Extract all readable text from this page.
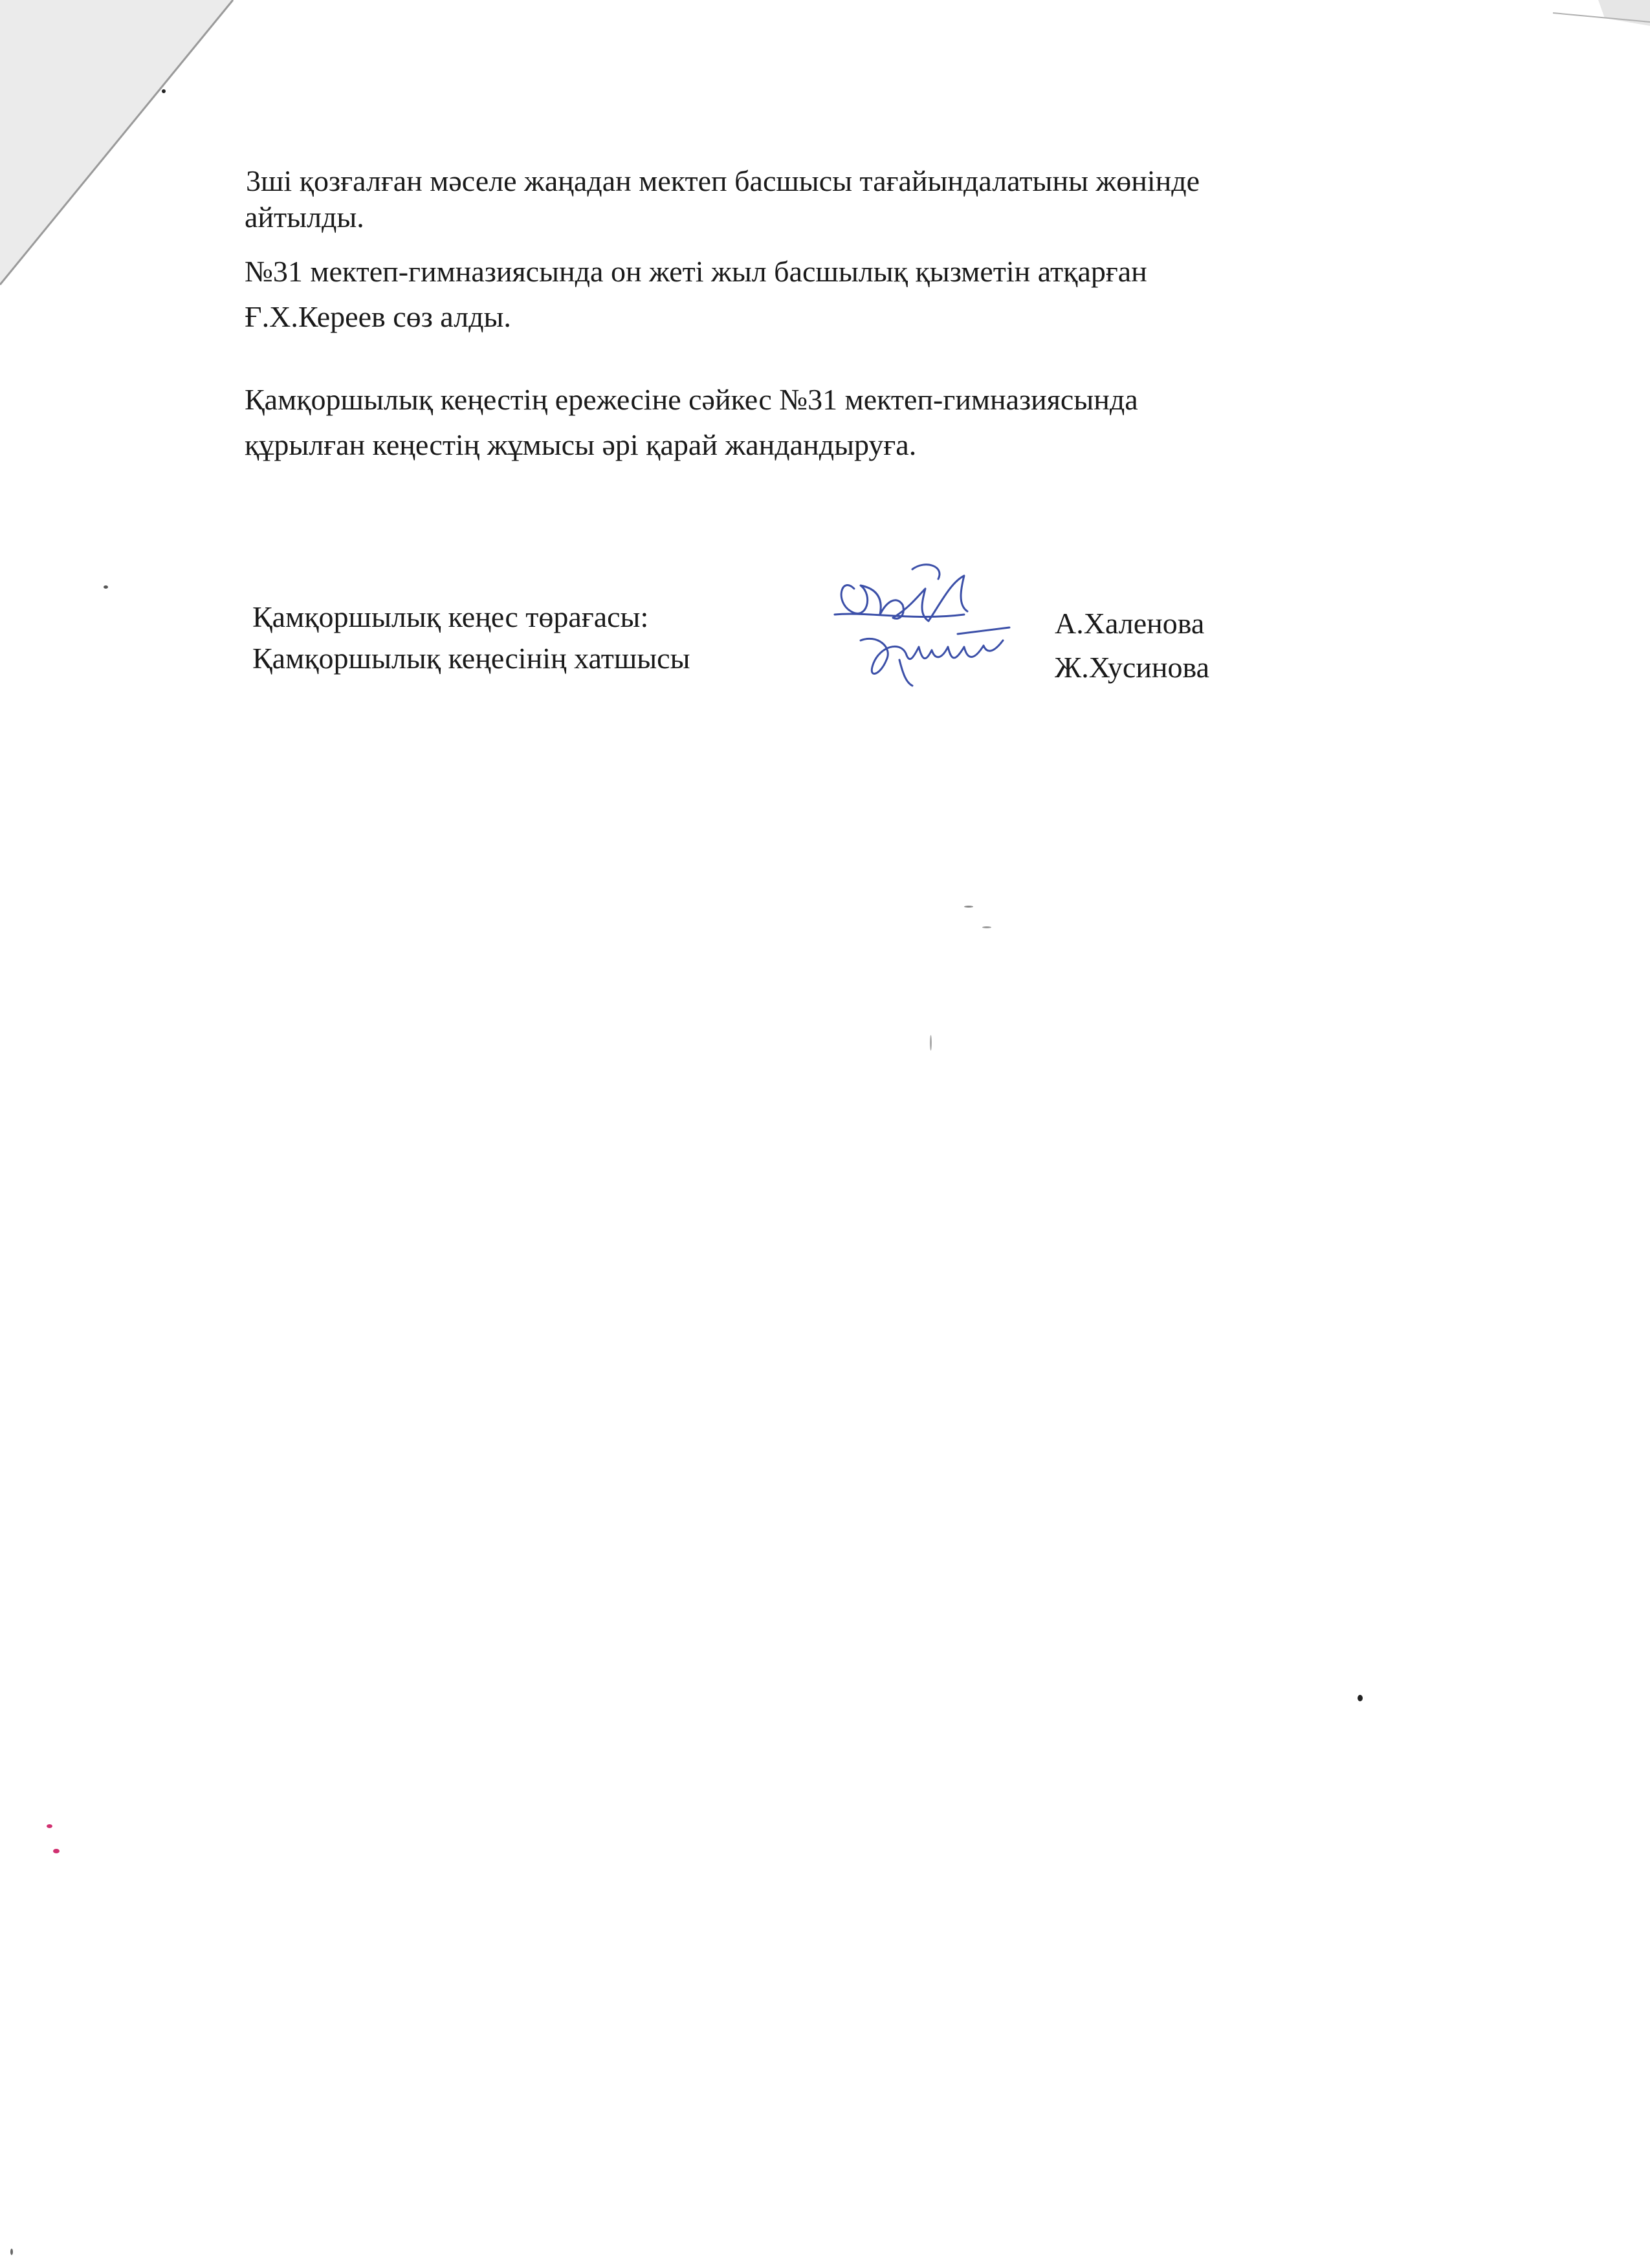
3ші қозғалған мәселе жаңадан мектеп басшысы тағайындалатыны жөнінде
айтылды.
№31 мектеп-гимназиясында он жеті жыл басшылық қызметін атқарған
Ғ.Х.Кереев сөз алды.
Қамқоршылық кеңестің ережесіне сәйкес №31 мектеп-гимназиясында
құрылған кеңестің жұмысы әрі қарай жандандыруға.
Қамқоршылық кеңес төрағасы:	А.Халенова
Қамқоршылық кеңесінің хатшысы	Ж.Хусинова
